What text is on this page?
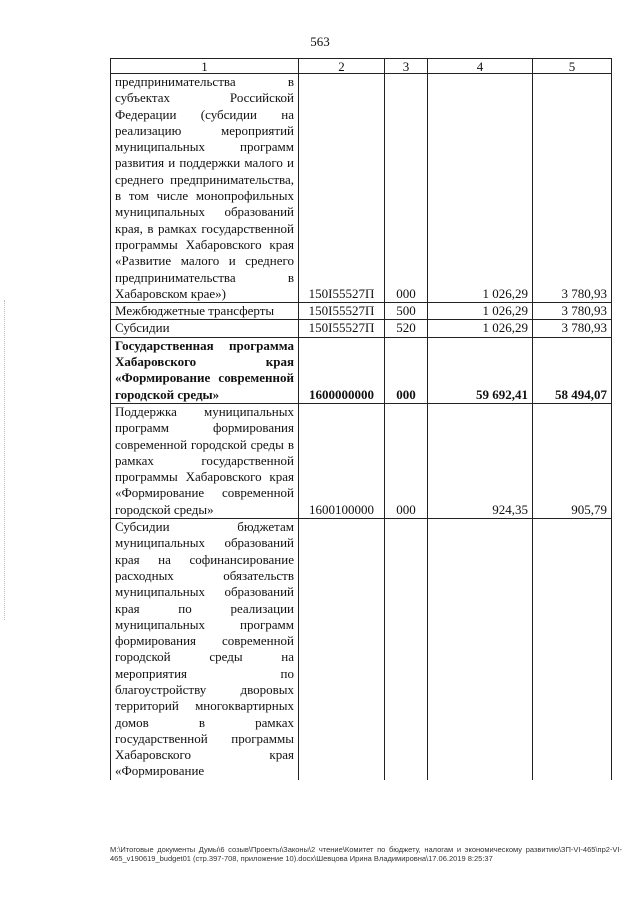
563
1	2	3	4	5
предпринимательства в субъектах Российской Федерации (субсидии на реализацию мероприятий муниципальных программ развития и поддержки малого и среднего предпринимательства, в том числе монопрофильных муниципальных образований края, в рамках государственной программы Хабаровского края «Развитие малого и среднего предпринимательства в Хабаровском крае»)	150I55527П	000	1 026,29	3 780,93
Межбюджетные трансферты	150I55527П	500	1 026,29	3 780,93
Субсидии	150I55527П	520	1 026,29	3 780,93
Государственная программа Хабаровского края «Формирование современной городской среды»	1600000000	000	59 692,41	58 494,07
Поддержка муниципальных программ формирования современной городской среды в рамках государственной программы Хабаровского края «Формирование современной городской среды»	1600100000	000	924,35	905,79
Субсидии бюджетам муниципальных образований края на софинансирование расходных обязательств муниципальных образований края по реализации муниципальных программ формирования современной городской среды на мероприятия по благоустройству дворовых территорий многоквартирных домов в рамках государственной программы Хабаровского края «Формирование				
М:\Итоговые документы Думы\6 созыв\Проекты\Законы\2 чтение\Комитет по бюджету, налогам и экономическому развитию\ЗП-VI-465\пр2-VI-465_v190619_budget01 (стр.397-708, приложение 10).docx\Шевцова Ирина Владимировна\17.06.2019 8:25:37
